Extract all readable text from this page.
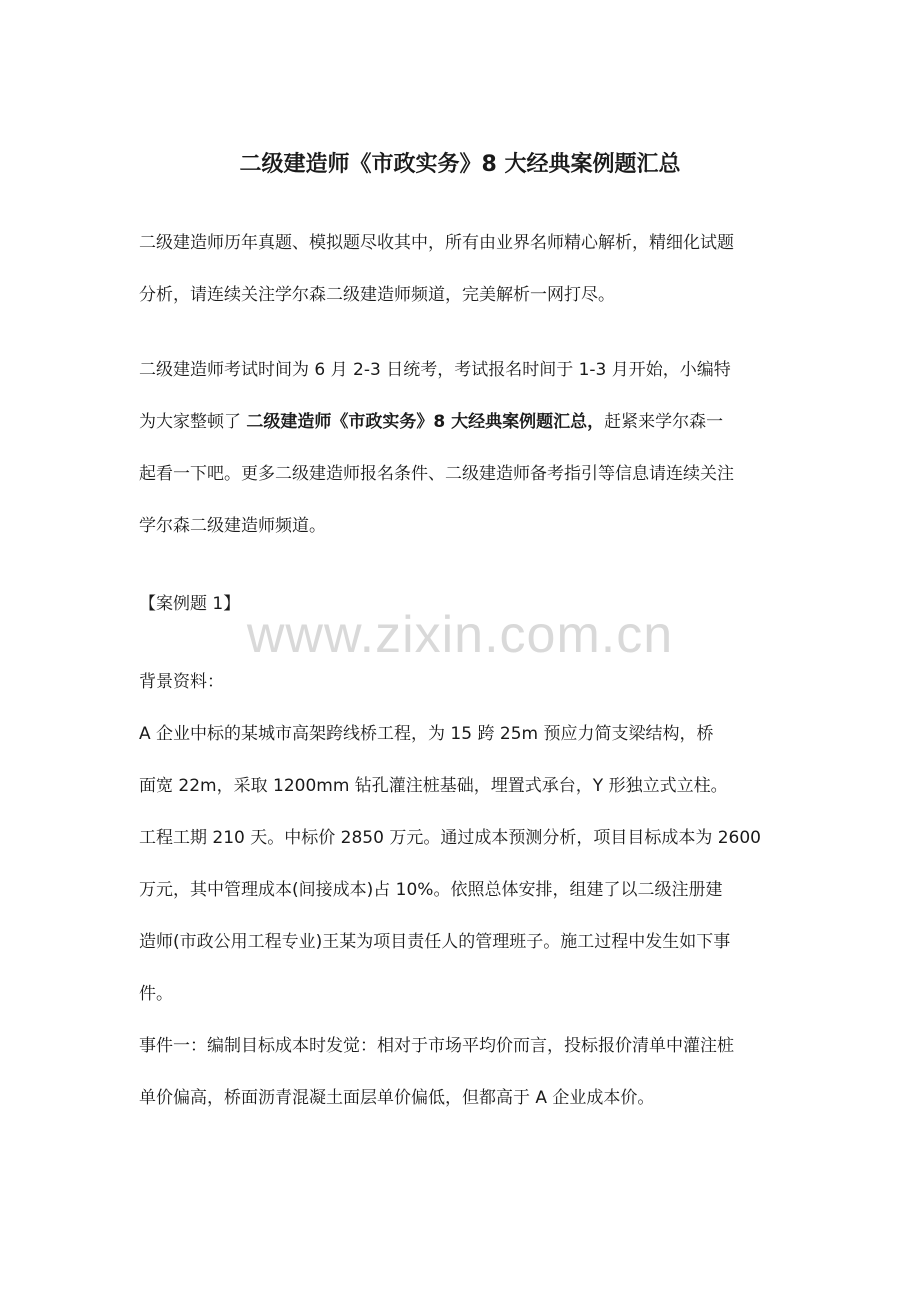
二级建造师《市政实务》8 大经典案例题汇总
二级建造师历年真题、模拟题尽收其中，所有由业界名师精心解析，精细化试题
分析，请连续关注学尔森二级建造师频道，完美解析一网打尽。
二级建造师考试时间为 6 月 2-3 日统考，考试报名时间于 1-3 月开始，小编特
为大家整顿了 二级建造师《市政实务》8 大经典案例题汇总，赶紧来学尔森一
起看一下吧。更多二级建造师报名条件、二级建造师备考指引等信息请连续关注
学尔森二级建造师频道。
【案例题 1】
www.zixin.com.cn
背景资料：
A 企业中标的某城市高架跨线桥工程，为 15 跨 25m 预应力简支梁结构，桥
面宽 22m，采取 1200mm 钻孔灌注桩基础，埋置式承台，Y 形独立式立柱。
工程工期 210 天。中标价 2850 万元。通过成本预测分析，项目目标成本为 2600
万元，其中管理成本(间接成本)占 10%。依照总体安排，组建了以二级注册建
造师(市政公用工程专业)王某为项目责任人的管理班子。施工过程中发生如下事
件。
事件一：编制目标成本时发觉：相对于市场平均价而言，投标报价清单中灌注桩
单价偏高，桥面沥青混凝土面层单价偏低，但都高于 A 企业成本价。
